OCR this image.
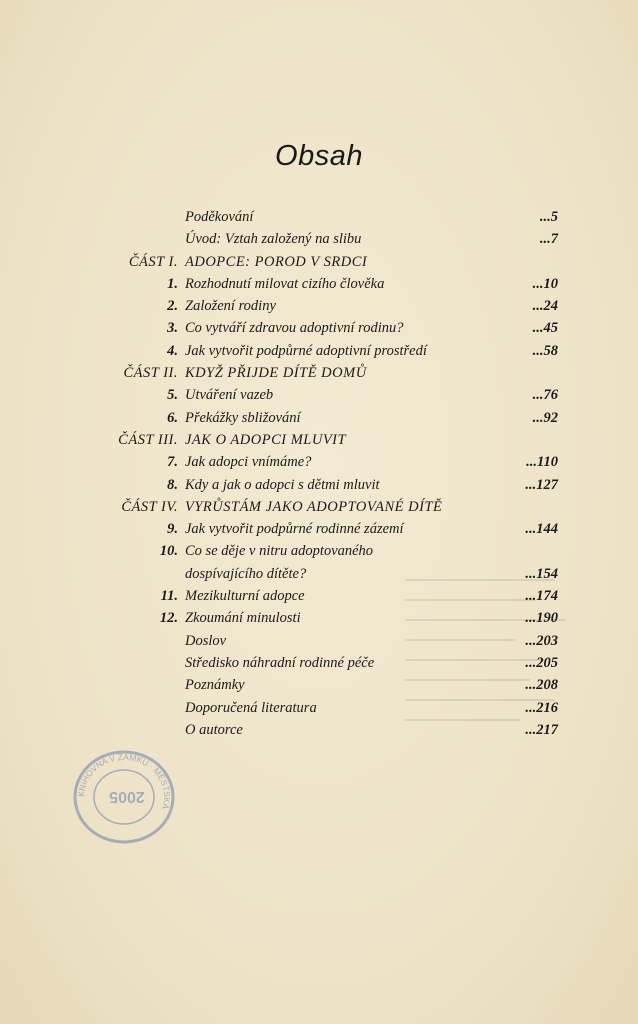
Obsah
Poděkování	...5
Úvod: Vztah založený na slibu	...7
ČÁST I. ADOPCE: POROD V SRDCI
1. Rozhodnutí milovat cizího člověka	...10
2. Založení rodiny	...24
3. Co vytváří zdravou adoptivní rodinu?	...45
4. Jak vytvořit podpůrné adoptivní prostředí	...58
ČÁST II. KDYŽ PŘIJDE DÍTĚ DOMŮ
5. Utváření vazeb	...76
6. Překážky sbližování	...92
ČÁST III. JAK O ADOPCI MLUVIT
7. Jak adopci vnímáme?	...110
8. Kdy a jak o adopci s dětmi mluvit	...127
ČÁST IV. VYRŮSTÁM JAKO ADOPTOVANÉ DÍTĚ
9. Jak vytvořit podpůrné rodinné zázemí	...144
10. Co se děje v nitru adoptovaného
dospívajícího dítěte?	...154
11. Mezikulturní adopce	...174
12. Zkoumání minulosti	...190
Doslov	...203
Středisko náhradní rodinné péče	...205
Poznámky	...208
Doporučená literatura	...216
O autorce	...217
2005
KNIHOVNA V ZÁMKU · MĚSTSKÁ
